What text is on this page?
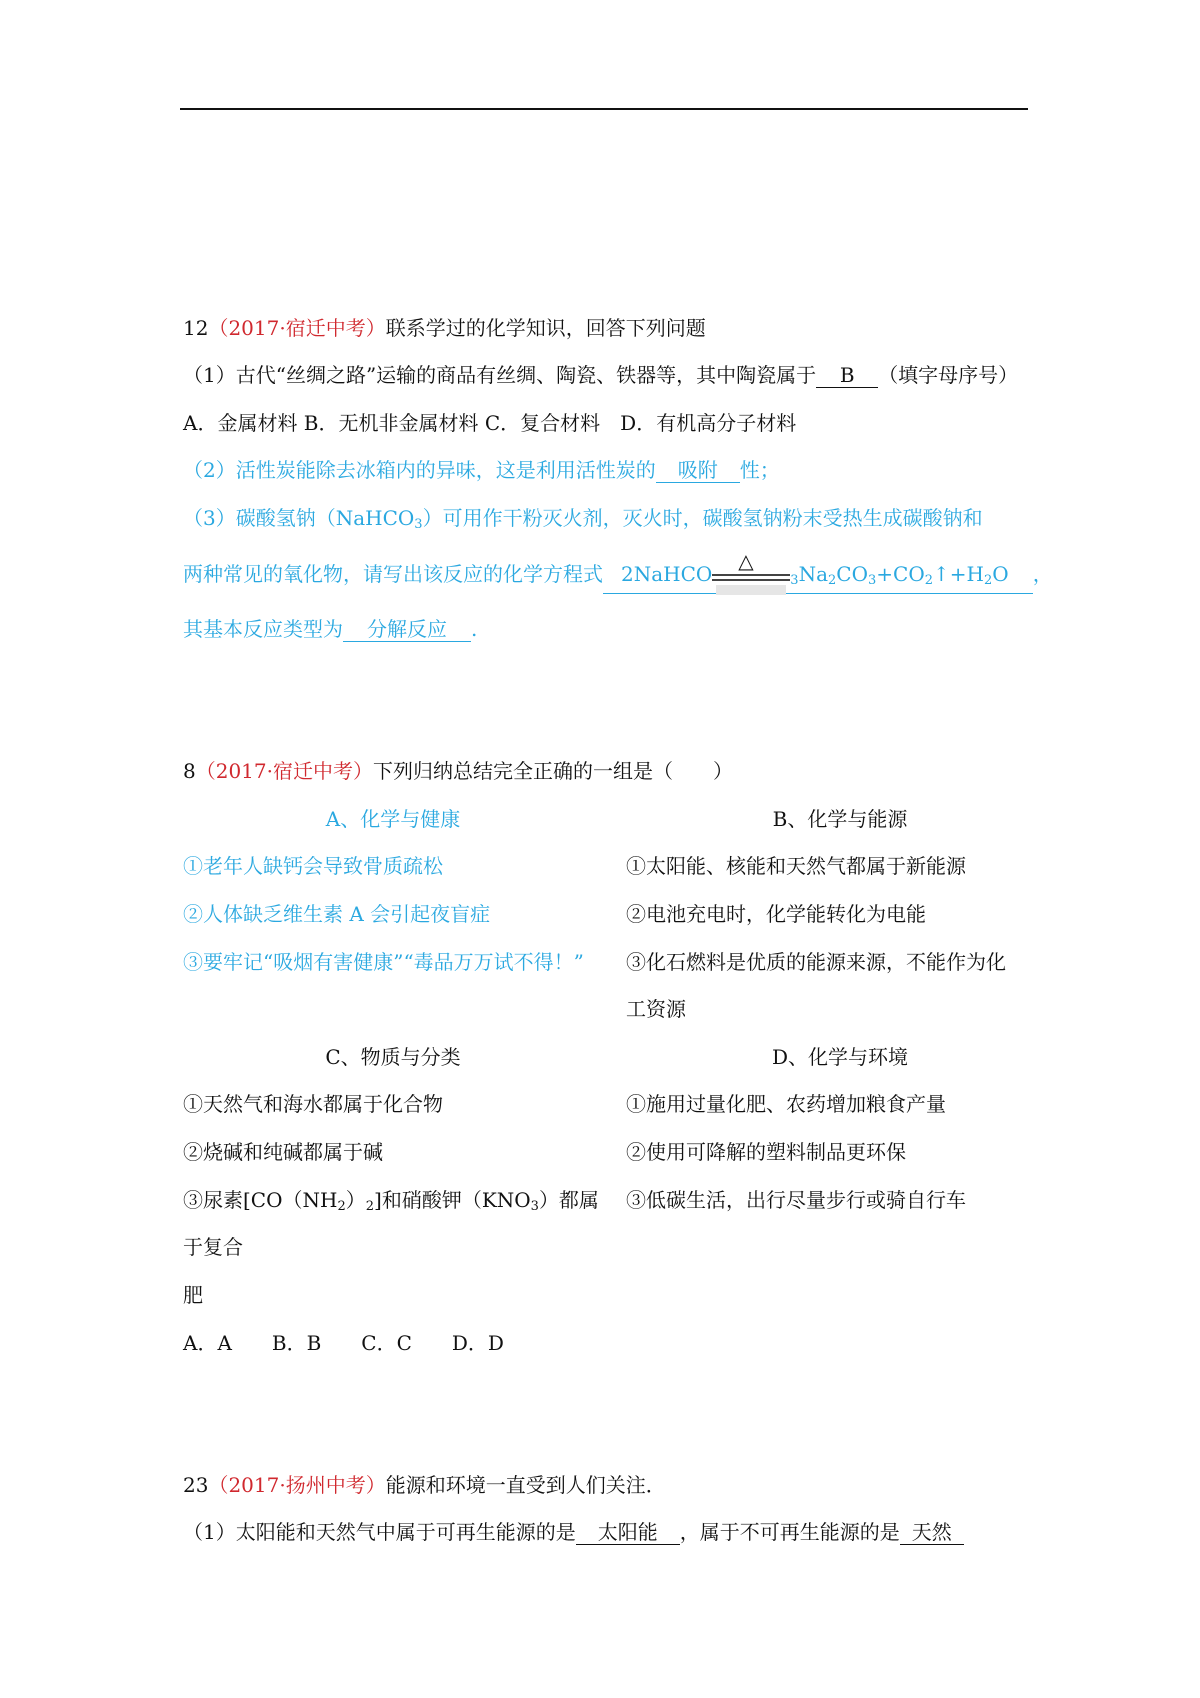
12（2017·宿迁中考）联系学过的化学知识，回答下列问题
（1）古代“丝绸之路”运输的商品有丝绸、陶瓷、铁器等，其中陶瓷属于 B （填字母序号）
A．金属材料 B．无机非金属材料 C．复合材料　D．有机高分子材料
（2）活性炭能除去冰箱内的异味，这是利用活性炭的 吸附 性；
（3）碳酸氢钠（NaHCO$_3$）可用作干粉灭火剂，灭火时，碳酸氢钠粉末受热生成碳酸钠和
两种常见的氧化物，请写出该反应的化学方程式 2NaHCO
△
$_3Na_2CO_3+CO_2↑+H_2O$ ，
其基本反应类型为 分解反应 .
8（2017·宿迁中考）下列归纳总结完全正确的一组是（　　）
A、化学与健康	B、化学与能源
①老年人缺钙会导致骨质疏松
②人体缺乏维生素 A 会引起夜盲症
③要牢记“吸烟有害健康”“毒品万万试不得！”
①太阳能、核能和天然气都属于新能源
②电池充电时，化学能转化为电能
③化石燃料是优质的能源来源，不能作为化
工资源
C、物质与分类	D、化学与环境
①天然气和海水都属于化合物
②烧碱和纯碱都属于碱
③尿素$[CO(NH_2)_2]$和硝酸钾$(KNO_3)$都属
于复合
肥
①施用过量化肥、农药增加粮食产量
②使用可降解的塑料制品更环保
③低碳生活，出行尽量步行或骑自行车
A．A　　B．B　　C．C　　D．D
23（2017·扬州中考）能源和环境一直受到人们关注．
（1）太阳能和天然气中属于可再生能源的是 太阳能 ，属于不可再生能源的是 天然
